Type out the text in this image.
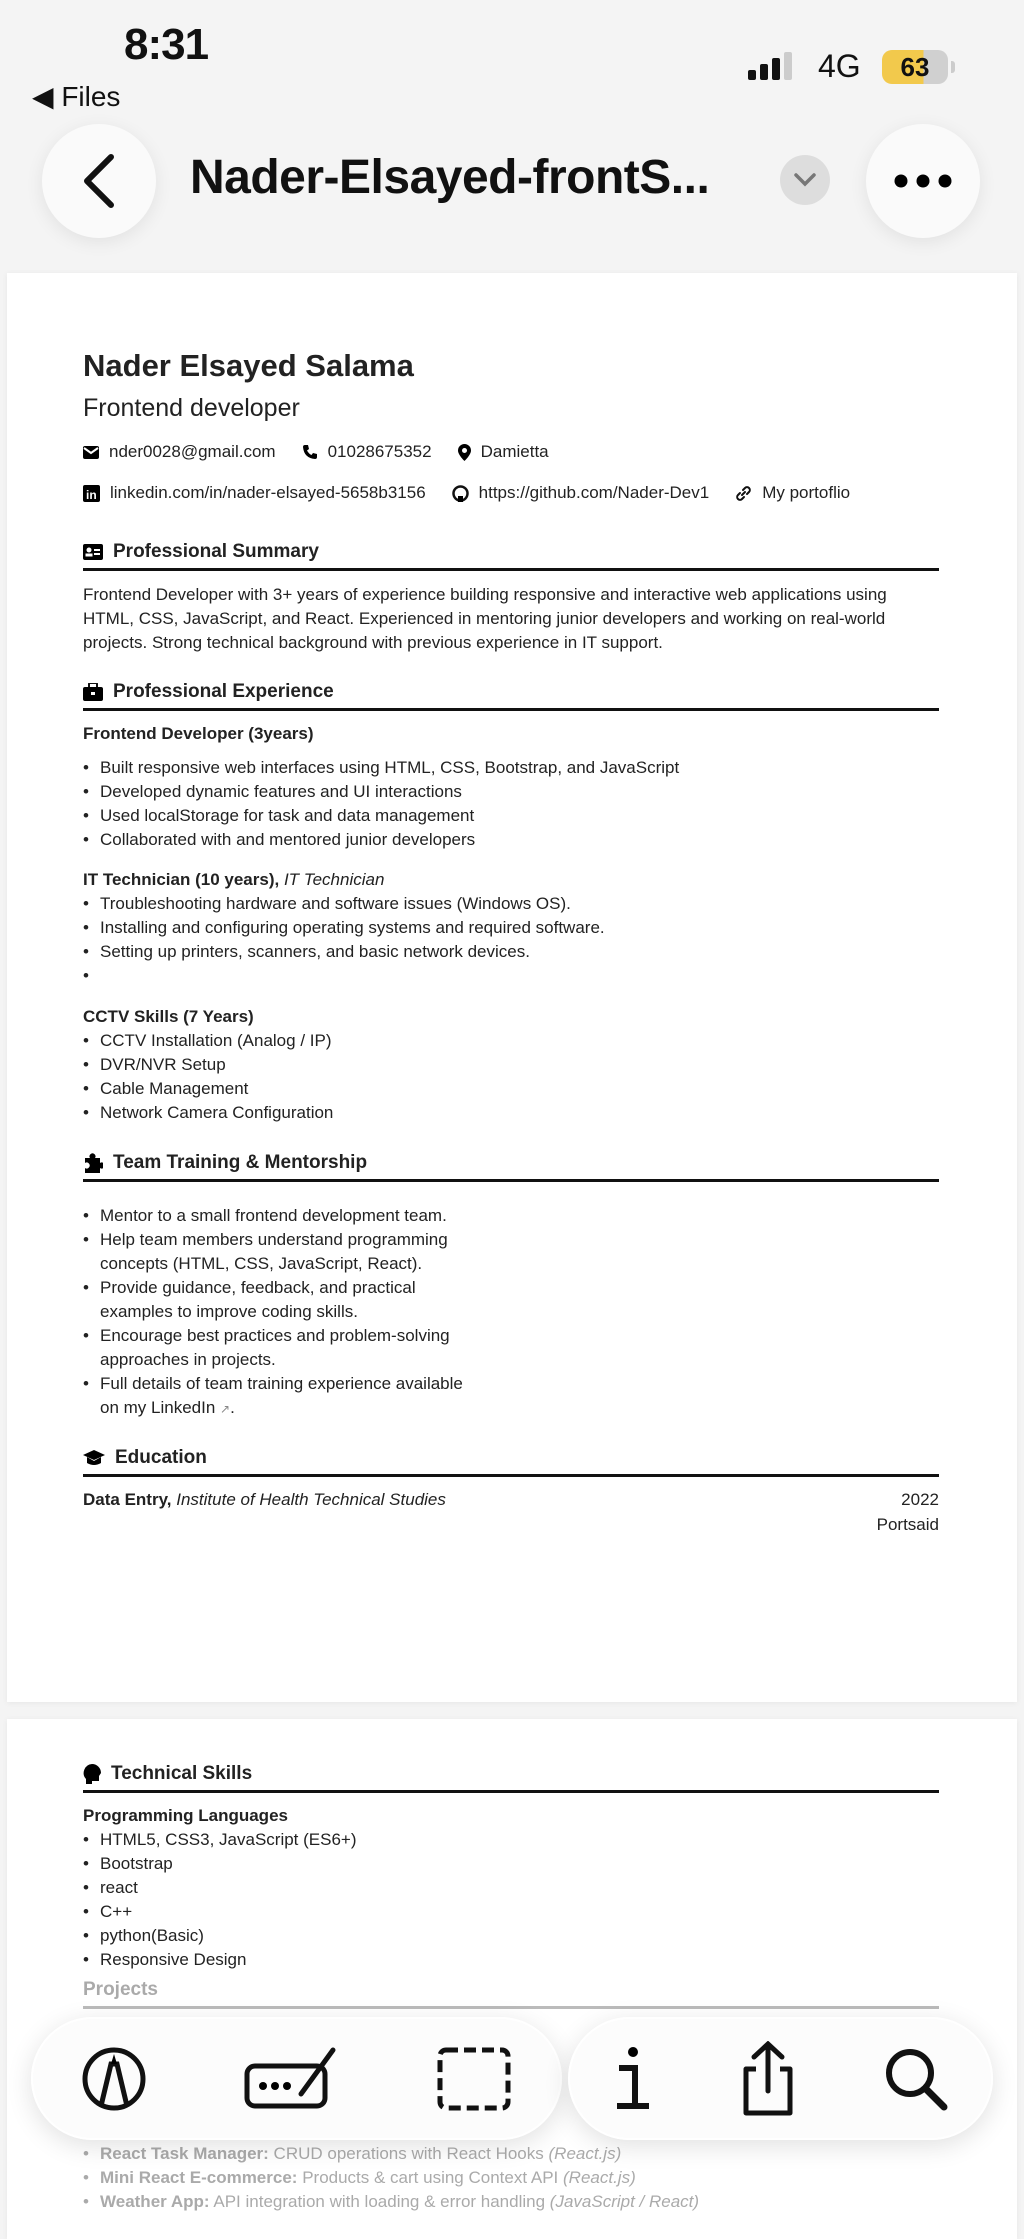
8:31
◀ Files
4G	63
Nader-Elsayed-frontS...
Nader Elsayed Salama
Frontend developer
nder0028@gmail.com	01028675352	Damietta
in linkedin.com/in/nader-elsayed-5658b3156	https://github.com/Nader-Dev1	My portoflio
Professional Summary
Frontend Developer with 3+ years of experience building responsive and interactive web applications using HTML, CSS, JavaScript, and React. Experienced in mentoring junior developers and working on real-world projects. Strong technical background with previous experience in IT support.
Professional Experience
Frontend Developer (3years)
• Built responsive web interfaces using HTML, CSS, Bootstrap, and JavaScript
• Developed dynamic features and UI interactions
• Used localStorage for task and data management
• Collaborated with and mentored junior developers
IT Technician (10 years), IT Technician
• Troubleshooting hardware and software issues (Windows OS).
• Installing and configuring operating systems and required software.
• Setting up printers, scanners, and basic network devices.
•
CCTV Skills (7 Years)
• CCTV Installation (Analog / IP)
• DVR/NVR Setup
• Cable Management
• Network Camera Configuration
Team Training & Mentorship
• Mentor to a small frontend development team.
• Help team members understand programming concepts (HTML, CSS, JavaScript, React).
• Provide guidance, feedback, and practical examples to improve coding skills.
• Encourage best practices and problem-solving approaches in projects.
• Full details of team training experience available on my LinkedIn ↗.
Education
Data Entry, Institute of Health Technical Studies	2022
Portsaid
Technical Skills
Programming Languages
• HTML5, CSS3, JavaScript (ES6+)
• Bootstrap
• react
• C++
• python(Basic)
• Responsive Design
Projects
• React Task Manager: CRUD operations with React Hooks (React.js)
• Mini React E-commerce: Products & cart using Context API (React.js)
• Weather App: API integration with loading & error handling (JavaScript / React)
